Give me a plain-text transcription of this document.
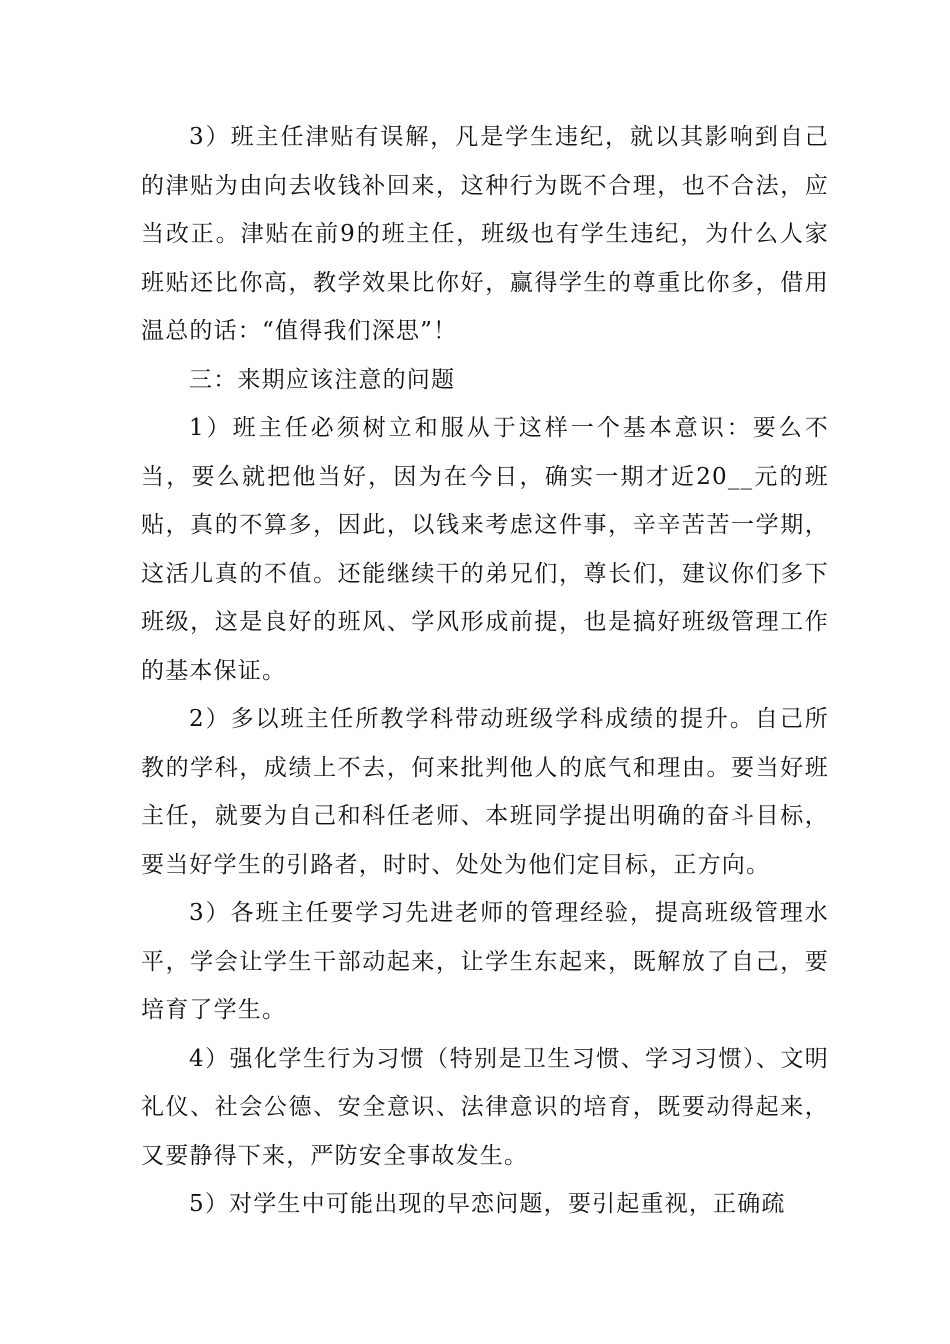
3）班主任津贴有误解，凡是学生违纪，就以其影响到自己的津贴为由向去收钱补回来，这种行为既不合理，也不合法，应当改正。津贴在前9的班主任，班级也有学生违纪，为什么人家班贴还比你高，教学效果比你好，赢得学生的尊重比你多，借用温总的话：“值得我们深思”！

三：来期应该注意的问题

1）班主任必须树立和服从于这样一个基本意识：要么不当，要么就把他当好，因为在今日，确实一期才近20__元的班贴，真的不算多，因此，以钱来考虑这件事，辛辛苦苦一学期，这活儿真的不值。还能继续干的弟兄们，尊长们，建议你们多下班级，这是良好的班风、学风形成前提，也是搞好班级管理工作的基本保证。

2）多以班主任所教学科带动班级学科成绩的提升。自己所教的学科，成绩上不去，何来批判他人的底气和理由。要当好班主任，就要为自己和科任老师、本班同学提出明确的奋斗目标，要当好学生的引路者，时时、处处为他们定目标，正方向。

3）各班主任要学习先进老师的管理经验，提高班级管理水平，学会让学生干部动起来，让学生东起来，既解放了自己，要培育了学生。

4）强化学生行为习惯（特别是卫生习惯、学习习惯）、文明礼仪、社会公德、安全意识、法律意识的培育，既要动得起来，又要静得下来，严防安全事故发生。

5）对学生中可能出现的早恋问题，要引起重视，正确疏
